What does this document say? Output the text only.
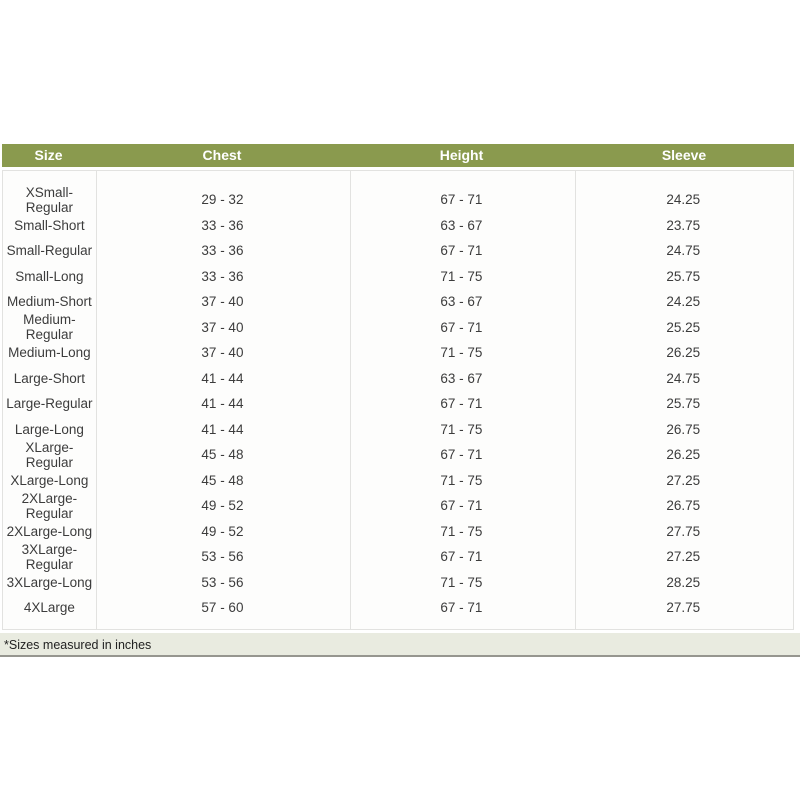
Size	Chest	Height	Sleeve
XSmall-Regular	29 - 32	67 - 71	24.25
Small-Short	33 - 36	63 - 67	23.75
Small-Regular	33 - 36	67 - 71	24.75
Small-Long	33 - 36	71 - 75	25.75
Medium-Short	37 - 40	63 - 67	24.25
Medium-Regular	37 - 40	67 - 71	25.25
Medium-Long	37 - 40	71 - 75	26.25
Large-Short	41 - 44	63 - 67	24.75
Large-Regular	41 - 44	67 - 71	25.75
Large-Long	41 - 44	71 - 75	26.75
XLarge-Regular	45 - 48	67 - 71	26.25
XLarge-Long	45 - 48	71 - 75	27.25
2XLarge-Regular	49 - 52	67 - 71	26.75
2XLarge-Long	49 - 52	71 - 75	27.75
3XLarge-Regular	53 - 56	67 - 71	27.25
3XLarge-Long	53 - 56	71 - 75	28.25
4XLarge	57 - 60	67 - 71	27.75
*Sizes measured in inches
